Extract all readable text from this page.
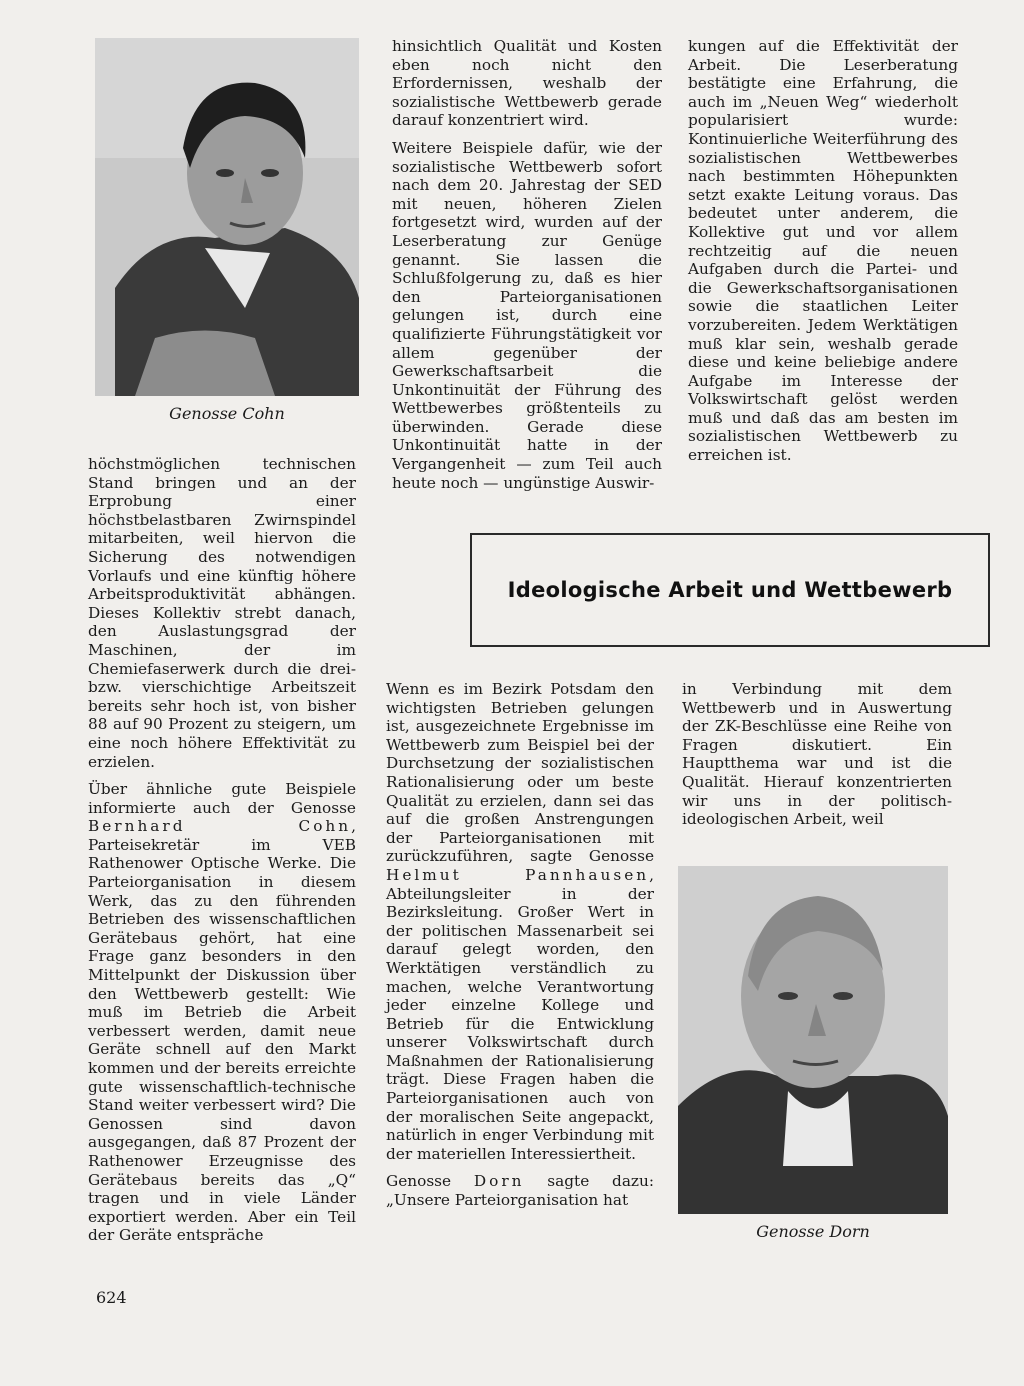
Genosse Cohn

hinsichtlich Qualität und Kosten eben noch nicht den Erfordernissen, weshalb der sozialistische Wettbewerb gerade darauf konzentriert wird.

Weitere Beispiele dafür, wie der sozialistische Wettbewerb sofort nach dem 20. Jahrestag der SED mit neuen, höheren Zielen fortgesetzt wird, wurden auf der Leserberatung zur Genüge genannt. Sie lassen die Schlußfolgerung zu, daß es hier den Parteiorganisationen gelungen ist, durch eine qualifizierte Führungstätigkeit vor allem gegenüber der Gewerkschaftsarbeit die Unkontinuität der Führung des Wettbewerbes größtenteils zu überwinden. Gerade diese Unkontinuität hatte in der Vergangenheit — zum Teil auch heute noch — ungünstige Auswir-

kungen auf die Effektivität der Arbeit. Die Leserberatung bestätigte eine Erfahrung, die auch im „Neuen Weg“ wiederholt popularisiert wurde: Kontinuierliche Weiterführung des sozialistischen Wettbewerbes nach bestimmten Höhepunkten setzt exakte Leitung voraus. Das bedeutet unter anderem, die Kollektive gut und vor allem rechtzeitig auf die neuen Aufgaben durch die Partei- und die Gewerkschaftsorganisationen sowie die staatlichen Leiter vorzubereiten. Jedem Werktätigen muß klar sein, weshalb gerade diese und keine beliebige andere Aufgabe im Interesse der Volkswirtschaft gelöst werden muß und daß das am besten im sozialistischen Wettbewerb zu erreichen ist.

höchstmöglichen technischen Stand bringen und an der Erprobung einer höchstbelastbaren Zwirnspindel mitarbeiten, weil hiervon die Sicherung des notwendigen Vorlaufs und eine künftig höhere Arbeitsproduktivität abhängen. Dieses Kollektiv strebt danach, den Auslastungsgrad der Maschinen, der im Chemiefaserwerk durch die drei- bzw. vierschichtige Arbeitszeit bereits sehr hoch ist, von bisher 88 auf 90 Prozent zu steigern, um eine noch höhere Effektivität zu erzielen.

Über ähnliche gute Beispiele informierte auch der Genosse Bernhard Cohn, Parteisekretär im VEB Rathenower Optische Werke. Die Parteiorganisation in diesem Werk, das zu den führenden Betrieben des wissenschaftlichen Gerätebaus gehört, hat eine Frage ganz besonders in den Mittelpunkt der Diskussion über den Wettbewerb gestellt: Wie muß im Betrieb die Arbeit verbessert werden, damit neue Geräte schnell auf den Markt kommen und der bereits erreichte gute wissenschaftlich-technische Stand weiter verbessert wird? Die Genossen sind davon ausgegangen, daß 87 Prozent der Rathenower Erzeugnisse des Gerätebaus bereits das „Q“ tragen und in viele Länder exportiert werden. Aber ein Teil der Geräte entspräche

Ideologische Arbeit und Wettbewerb

Wenn es im Bezirk Potsdam den wichtigsten Betrieben gelungen ist, ausgezeichnete Ergebnisse im Wettbewerb zum Beispiel bei der Durchsetzung der sozialistischen Rationalisierung oder um beste Qualität zu erzielen, dann sei das auf die großen Anstrengungen der Parteiorganisationen mit zurückzuführen, sagte Genosse Helmut Pannhausen, Abteilungsleiter in der Bezirksleitung. Großer Wert in der politischen Massenarbeit sei darauf gelegt worden, den Werktätigen verständlich zu machen, welche Verantwortung jeder einzelne Kollege und Betrieb für die Entwicklung unserer Volkswirtschaft durch Maßnahmen der Rationalisierung trägt. Diese Fragen haben die Parteiorganisationen auch von der moralischen Seite angepackt, natürlich in enger Verbindung mit der materiellen Interessiertheit.

Genosse Dorn sagte dazu: „Unsere Parteiorganisation hat

in Verbindung mit dem Wettbewerb und in Auswertung der ZK-Beschlüsse eine Reihe von Fragen diskutiert. Ein Hauptthema war und ist die Qualität. Hierauf konzentrierten wir uns in der politisch-ideologischen Arbeit, weil

Genosse Dorn
624
